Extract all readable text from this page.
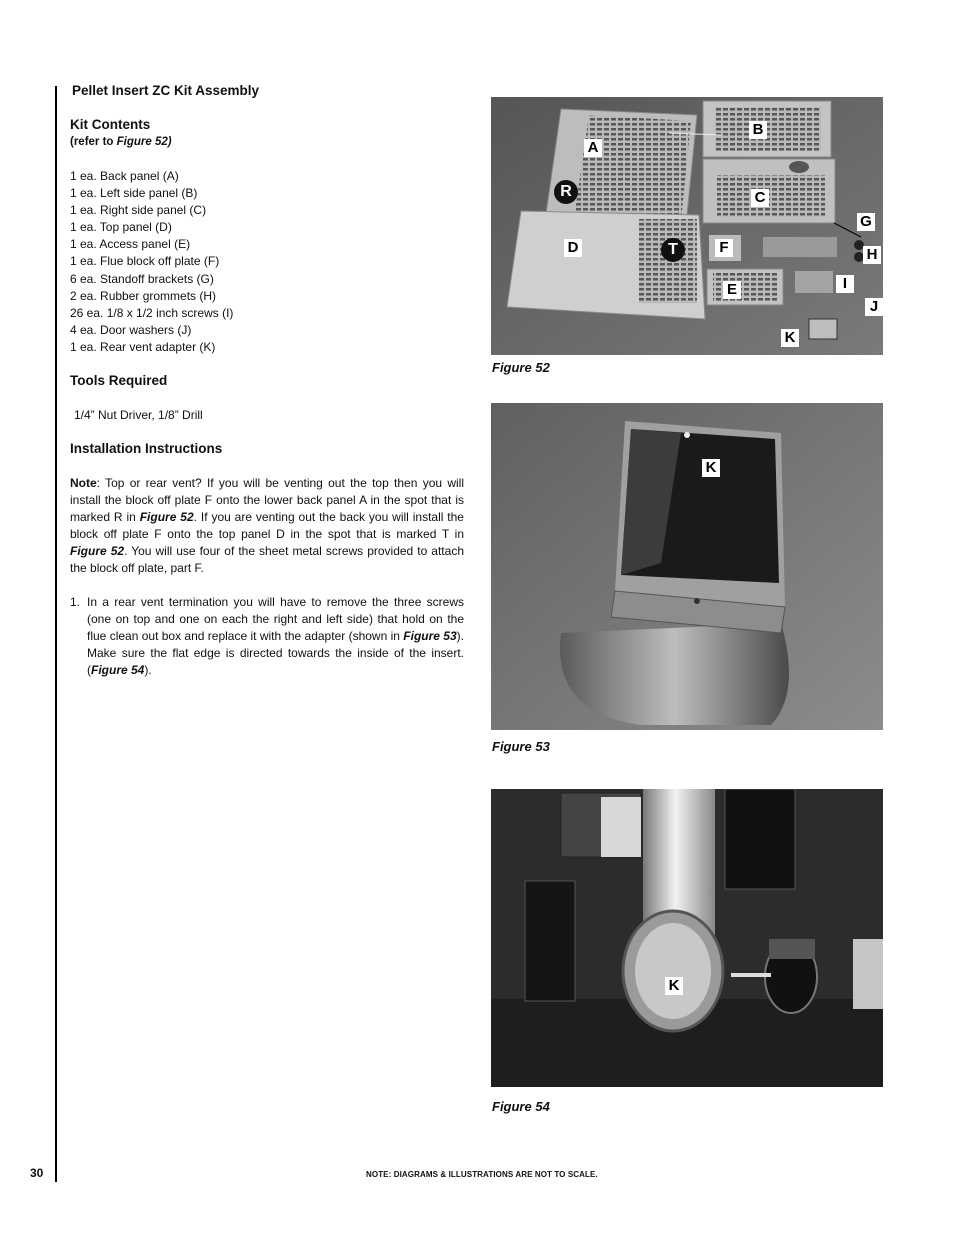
Pellet Insert ZC Kit Assembly
Kit Contents
(refer to Figure 52)
1 ea. Back panel (A)
1 ea. Left side panel (B)
1 ea. Right side panel (C)
1 ea. Top panel (D)
1 ea. Access panel (E)
1 ea. Flue block off plate (F)
6 ea. Standoff brackets (G)
2 ea. Rubber grommets (H)
26 ea. 1/8 x 1/2 inch screws (I)
4 ea. Door washers (J)
1 ea. Rear vent adapter (K)
Tools Required
1/4” Nut Driver, 1/8” Drill
Installation Instructions

Note: Top or rear vent? If you will be venting out the top then you will install the block off plate F onto the lower back panel A in the spot that is marked R in Figure 52. If you are venting out the back you will install the block off plate F onto the top panel D in the spot that is marked T in Figure 52. You will use four of the sheet metal screws provided to attach the block off plate, part F.

1. In a rear vent termination you will have to remove the three screws (one on top and one on each the right and left side) that hold on the flue clean out box and replace it with the adapter (shown in Figure 53). Make sure the flat edge is directed towards the inside of the insert. (Figure 54).

A
B
R	C
G
D	T	F	H
I
E
J
K
Figure 52
K
Figure 53
K
Figure 54
30	NOTE: DIAGRAMS & ILLUSTRATIONS ARE NOT TO SCALE.
